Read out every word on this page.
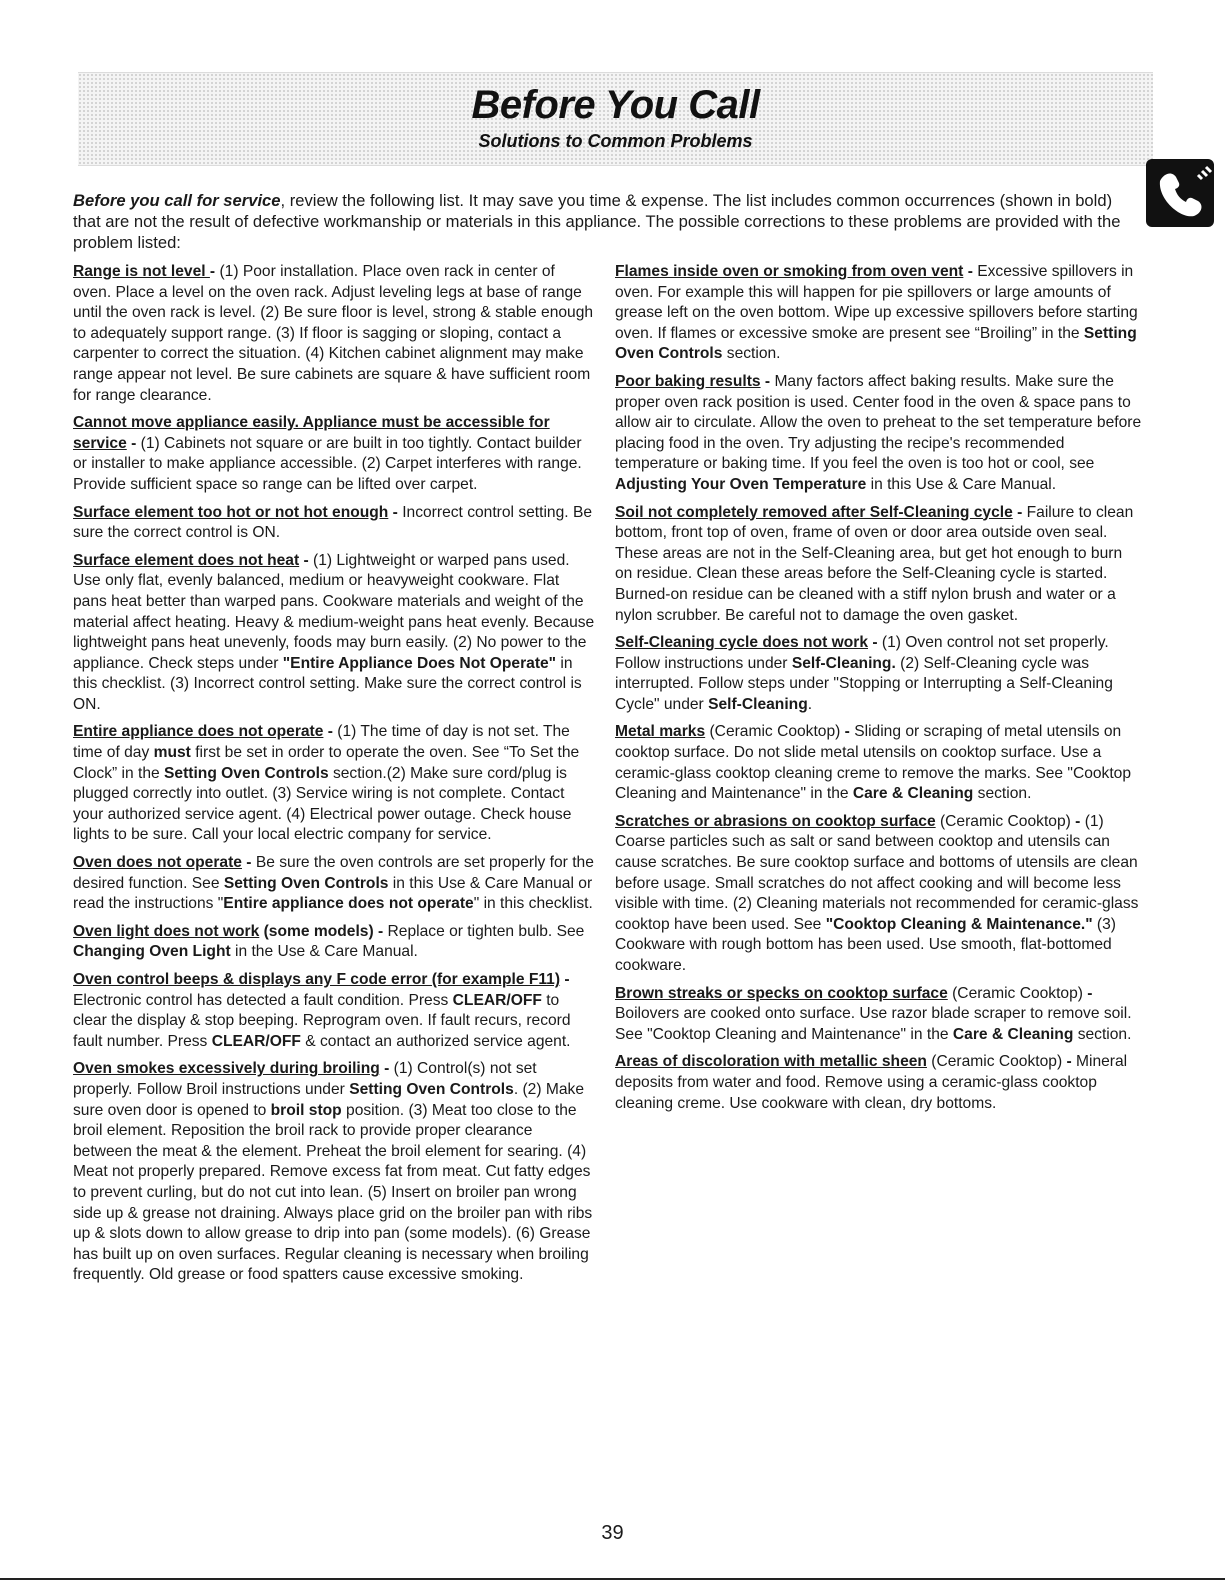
Before You Call
Solutions to Common Problems

Before you call for service, review the following list. It may save you time & expense. The list includes common occurrences (shown in bold) that are not the result of defective workmanship or materials in this appliance. The possible corrections to these problems are provided with the problem listed:

Range is not level - (1) Poor installation. Place oven rack in center of oven. Place a level on the oven rack. Adjust leveling legs at base of range until the oven rack is level. (2) Be sure floor is level, strong & stable enough to adequately support range. (3) If floor is sagging or sloping, contact a carpenter to correct the situation. (4) Kitchen cabinet alignment may make range appear not level. Be sure cabinets are square & have sufficient room for range clearance.

Cannot move appliance easily. Appliance must be accessible for service - (1) Cabinets not square or are built in too tightly. Contact builder or installer to make appliance accessible. (2) Carpet interferes with range. Provide sufficient space so range can be lifted over carpet.

Surface element too hot or not hot enough - Incorrect control setting. Be sure the correct control is ON.

Surface element does not heat - (1) Lightweight or warped pans used. Use only flat, evenly balanced, medium or heavyweight cookware. Flat pans heat better than warped pans. Cookware materials and weight of the material affect heating. Heavy & medium-weight pans heat evenly. Because lightweight pans heat unevenly, foods may burn easily. (2) No power to the appliance. Check steps under "Entire Appliance Does Not Operate" in this checklist. (3) Incorrect control setting. Make sure the correct control is ON.

Entire appliance does not operate - (1) The time of day is not set. The time of day must first be set in order to operate the oven. See “To Set the Clock” in the Setting Oven Controls section.(2) Make sure cord/plug is plugged correctly into outlet. (3) Service wiring is not complete. Contact your authorized service agent. (4) Electrical power outage. Check house lights to be sure. Call your local electric company for service.

Oven does not operate - Be sure the oven controls are set properly for the desired function. See Setting Oven Controls in this Use & Care Manual or read the instructions "Entire appliance does not operate" in this checklist.

Oven light does not work (some models) - Replace or tighten bulb. See Changing Oven Light in the Use & Care Manual.

Oven control beeps & displays any F code error (for example F11) - Electronic control has detected a fault condition. Press CLEAR/OFF to clear the display & stop beeping. Reprogram oven. If fault recurs, record fault number. Press CLEAR/OFF & contact an authorized service agent.

Oven smokes excessively during broiling - (1) Control(s) not set properly. Follow Broil instructions under Setting Oven Controls. (2) Make sure oven door is opened to broil stop position. (3) Meat too close to the broil element. Reposition the broil rack to provide proper clearance between the meat & the element. Preheat the broil element for searing. (4) Meat not properly prepared. Remove excess fat from meat. Cut fatty edges to prevent curling, but do not cut into lean. (5) Insert on broiler pan wrong side up & grease not draining. Always place grid on the broiler pan with ribs up & slots down to allow grease to drip into pan (some models). (6) Grease has built up on oven surfaces. Regular cleaning is necessary when broiling frequently. Old grease or food spatters cause excessive smoking.

Flames inside oven or smoking from oven vent - Excessive spillovers in oven. For example this will happen for pie spillovers or large amounts of grease left on the oven bottom. Wipe up excessive spillovers before starting oven. If flames or excessive smoke are present see “Broiling” in the Setting Oven Controls section.

Poor baking results - Many factors affect baking results. Make sure the proper oven rack position is used. Center food in the oven & space pans to allow air to circulate. Allow the oven to preheat to the set temperature before placing food in the oven. Try adjusting the recipe's recommended temperature or baking time. If you feel the oven is too hot or cool, see Adjusting Your Oven Temperature in this Use & Care Manual.

Soil not completely removed after Self-Cleaning cycle - Failure to clean bottom, front top of oven, frame of oven or door area outside oven seal. These areas are not in the Self-Cleaning area, but get hot enough to burn on residue. Clean these areas before the Self-Cleaning cycle is started. Burned-on residue can be cleaned with a stiff nylon brush and water or a nylon scrubber. Be careful not to damage the oven gasket.

Self-Cleaning cycle does not work - (1) Oven control not set properly. Follow instructions under Self-Cleaning. (2) Self-Cleaning cycle was interrupted. Follow steps under "Stopping or Interrupting a Self-Cleaning Cycle" under Self-Cleaning.

Metal marks (Ceramic Cooktop) - Sliding or scraping of metal utensils on cooktop surface. Do not slide metal utensils on cooktop surface. Use a ceramic-glass cooktop cleaning creme to remove the marks. See "Cooktop Cleaning and Maintenance" in the Care & Cleaning section.

Scratches or abrasions on cooktop surface (Ceramic Cooktop) - (1) Coarse particles such as salt or sand between cooktop and utensils can cause scratches. Be sure cooktop surface and bottoms of utensils are clean before usage. Small scratches do not affect cooking and will become less visible with time. (2) Cleaning materials not recommended for ceramic-glass cooktop have been used. See "Cooktop Cleaning & Maintenance." (3) Cookware with rough bottom has been used. Use smooth, flat-bottomed cookware.

Brown streaks or specks on cooktop surface (Ceramic Cooktop) - Boilovers are cooked onto surface. Use razor blade scraper to remove soil. See "Cooktop Cleaning and Maintenance" in the Care & Cleaning section.

Areas of discoloration with metallic sheen (Ceramic Cooktop) - Mineral deposits from water and food. Remove using a ceramic-glass cooktop cleaning creme. Use cookware with clean, dry bottoms.

39
